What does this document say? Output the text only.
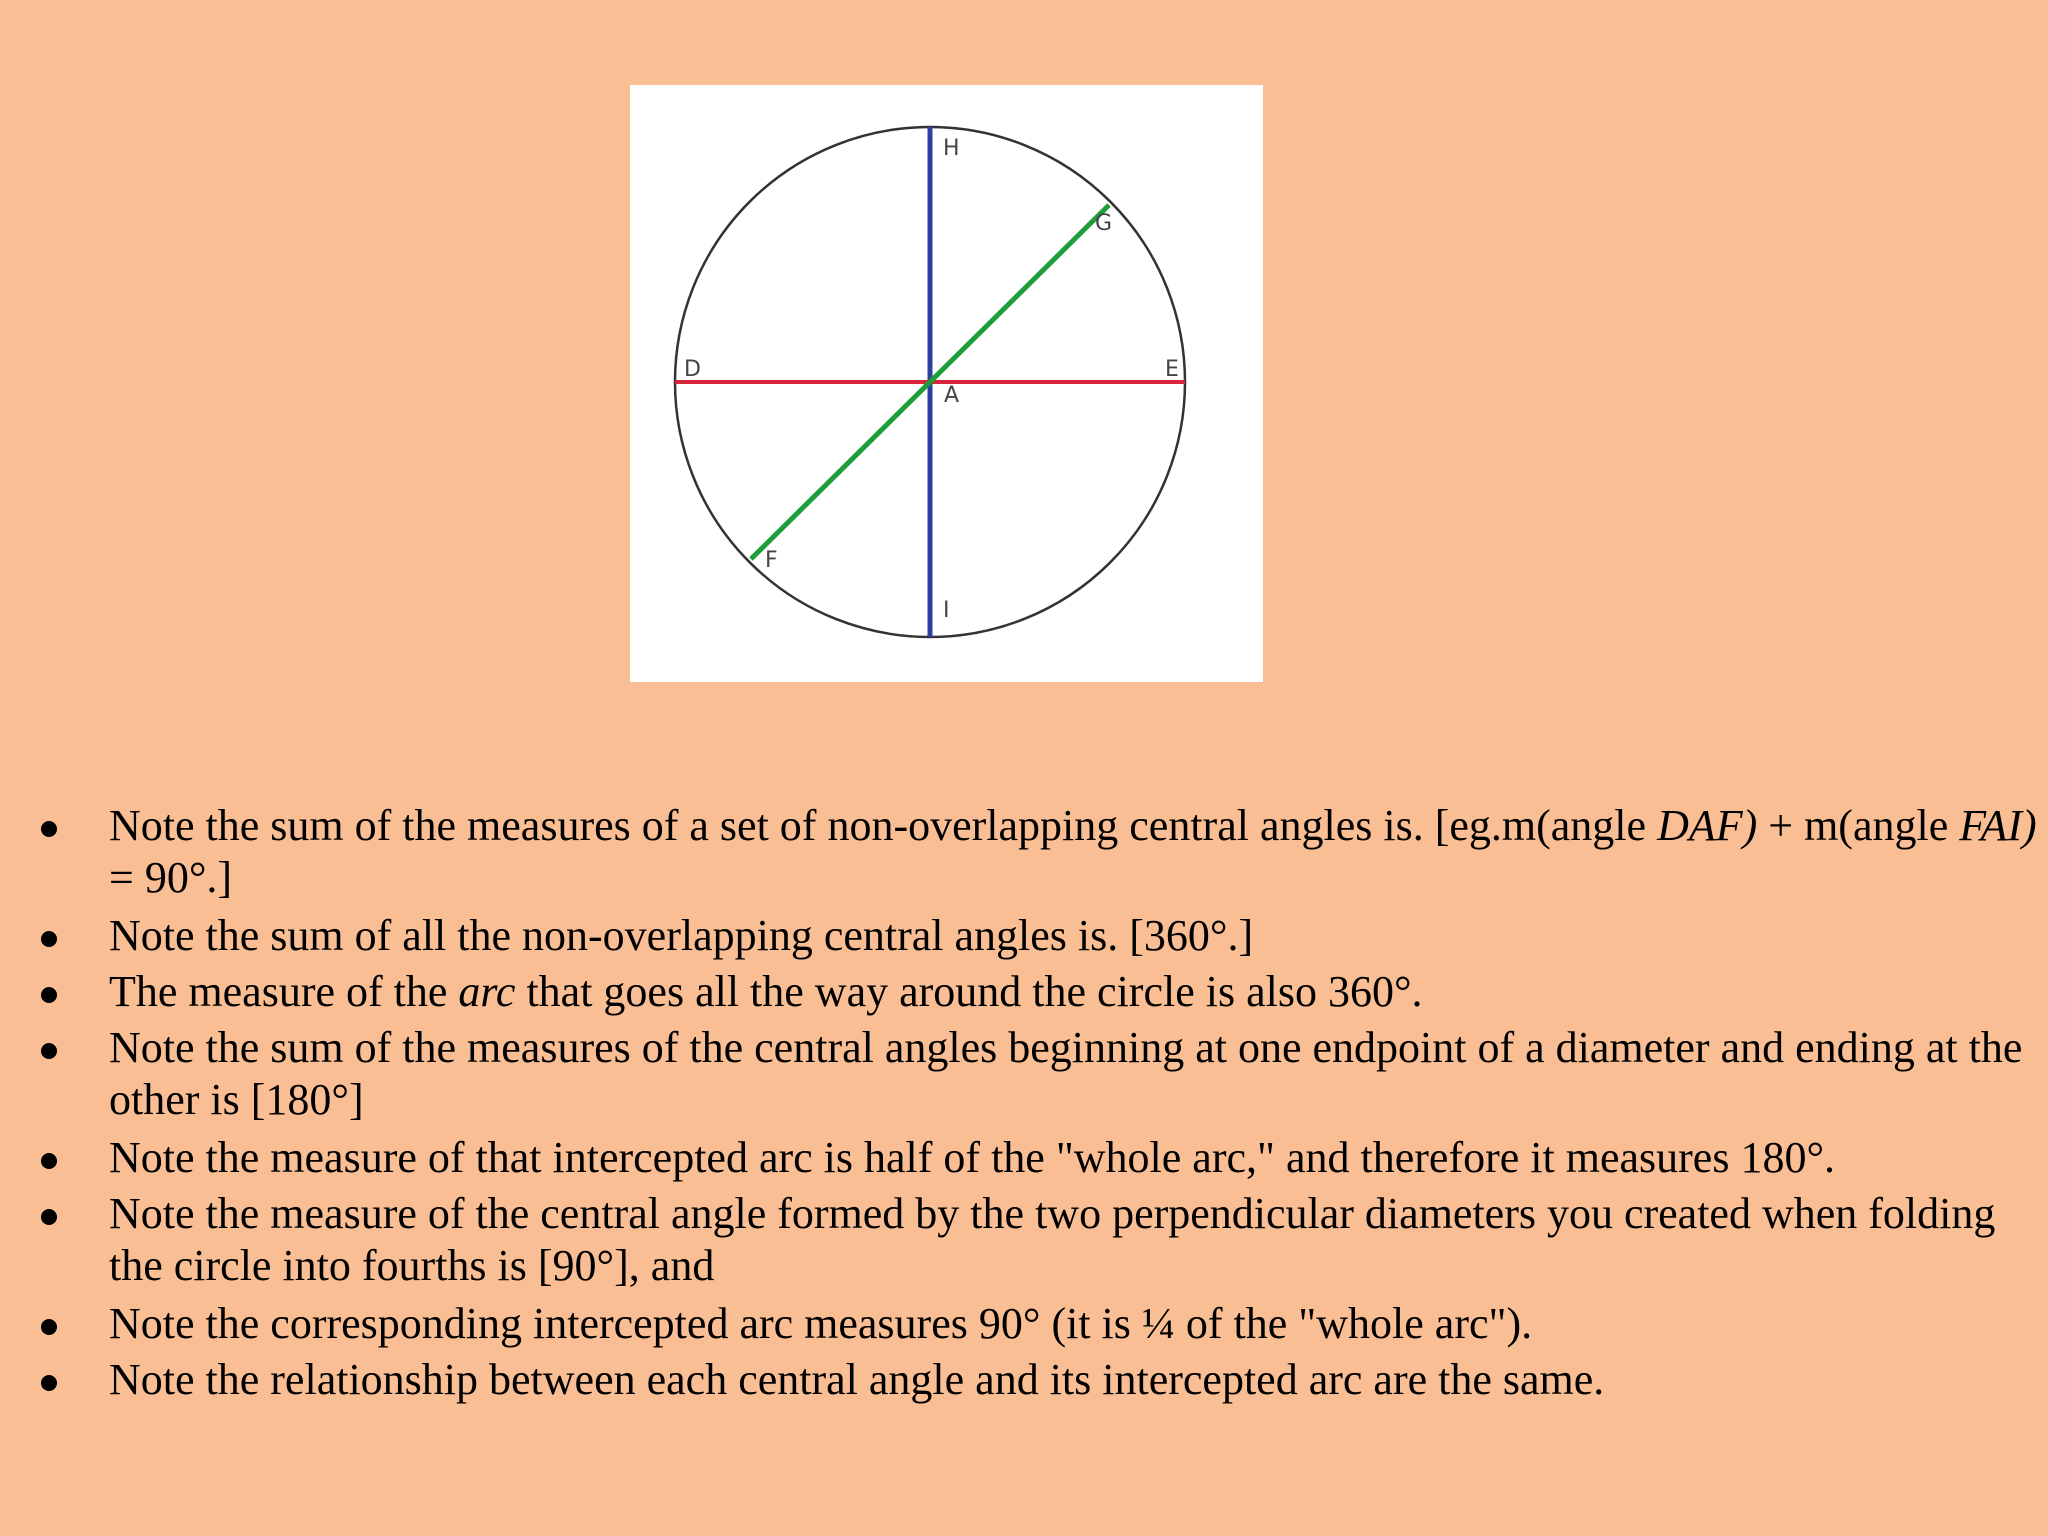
H
G
D	E
A
F
I
Note the sum of the measures of a set of non-overlapping central angles is. [eg.m(angle DAF) + m(angle FAI) = 90°.]
Note the sum of all the non-overlapping central angles is. [360°.]
The measure of the arc that goes all the way around the circle is also 360°.
Note the sum of the measures of the central angles beginning at one endpoint of a diameter and ending at the other is [180°]
Note the measure of that intercepted arc is half of the "whole arc," and therefore it measures 180°.
Note the measure of the central angle formed by the two perpendicular diameters you created when folding the circle into fourths is [90°], and
Note the corresponding intercepted arc measures 90° (it is ¼ of the "whole arc").
Note the relationship between each central angle and its intercepted arc are the same.
